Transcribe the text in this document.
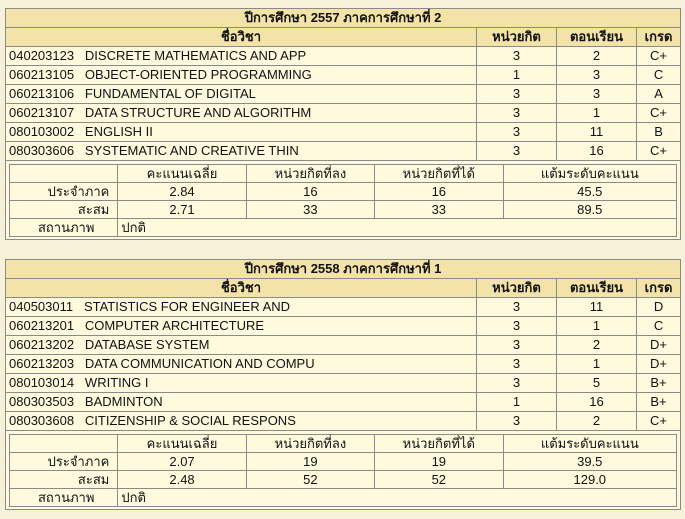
ปีการศึกษา 2557 ภาคการศึกษาที่ 2
ชื่อวิชา	หน่วยกิต	ตอนเรียน	เกรด
040203123 DISCRETE MATHEMATICS AND APP	3	2	C+
060213105 OBJECT-ORIENTED PROGRAMMING	1	3	C
060213106 FUNDAMENTAL OF DIGITAL	3	3	A
060213107 DATA STRUCTURE AND ALGORITHM	3	1	C+
080103002 ENGLISH II	3	11	B
080303606 SYSTEMATIC AND CREATIVE THIN	3	16	C+

	คะแนนเฉลี่ย	หน่วยกิตที่ลง	หน่วยกิตที่ได้	แต้มระดับคะแนน
ประจำภาค	2.84	16	16	45.5
สะสม	2.71	33	33	89.5
สถานภาพ	ปกติ
ปีการศึกษา 2558 ภาคการศึกษาที่ 1
ชื่อวิชา	หน่วยกิต	ตอนเรียน	เกรด
040503011 STATISTICS FOR ENGINEER AND	3	11	D
060213201 COMPUTER ARCHITECTURE	3	1	C
060213202 DATABASE SYSTEM	3	2	D+
060213203 DATA COMMUNICATION AND COMPU	3	1	D+
080103014 WRITING I	3	5	B+
080303503 BADMINTON	1	16	B+
080303608 CITIZENSHIP & SOCIAL RESPONS	3	2	C+

	คะแนนเฉลี่ย	หน่วยกิตที่ลง	หน่วยกิตที่ได้	แต้มระดับคะแนน
ประจำภาค	2.07	19	19	39.5
สะสม	2.48	52	52	129.0
สถานภาพ	ปกติ
